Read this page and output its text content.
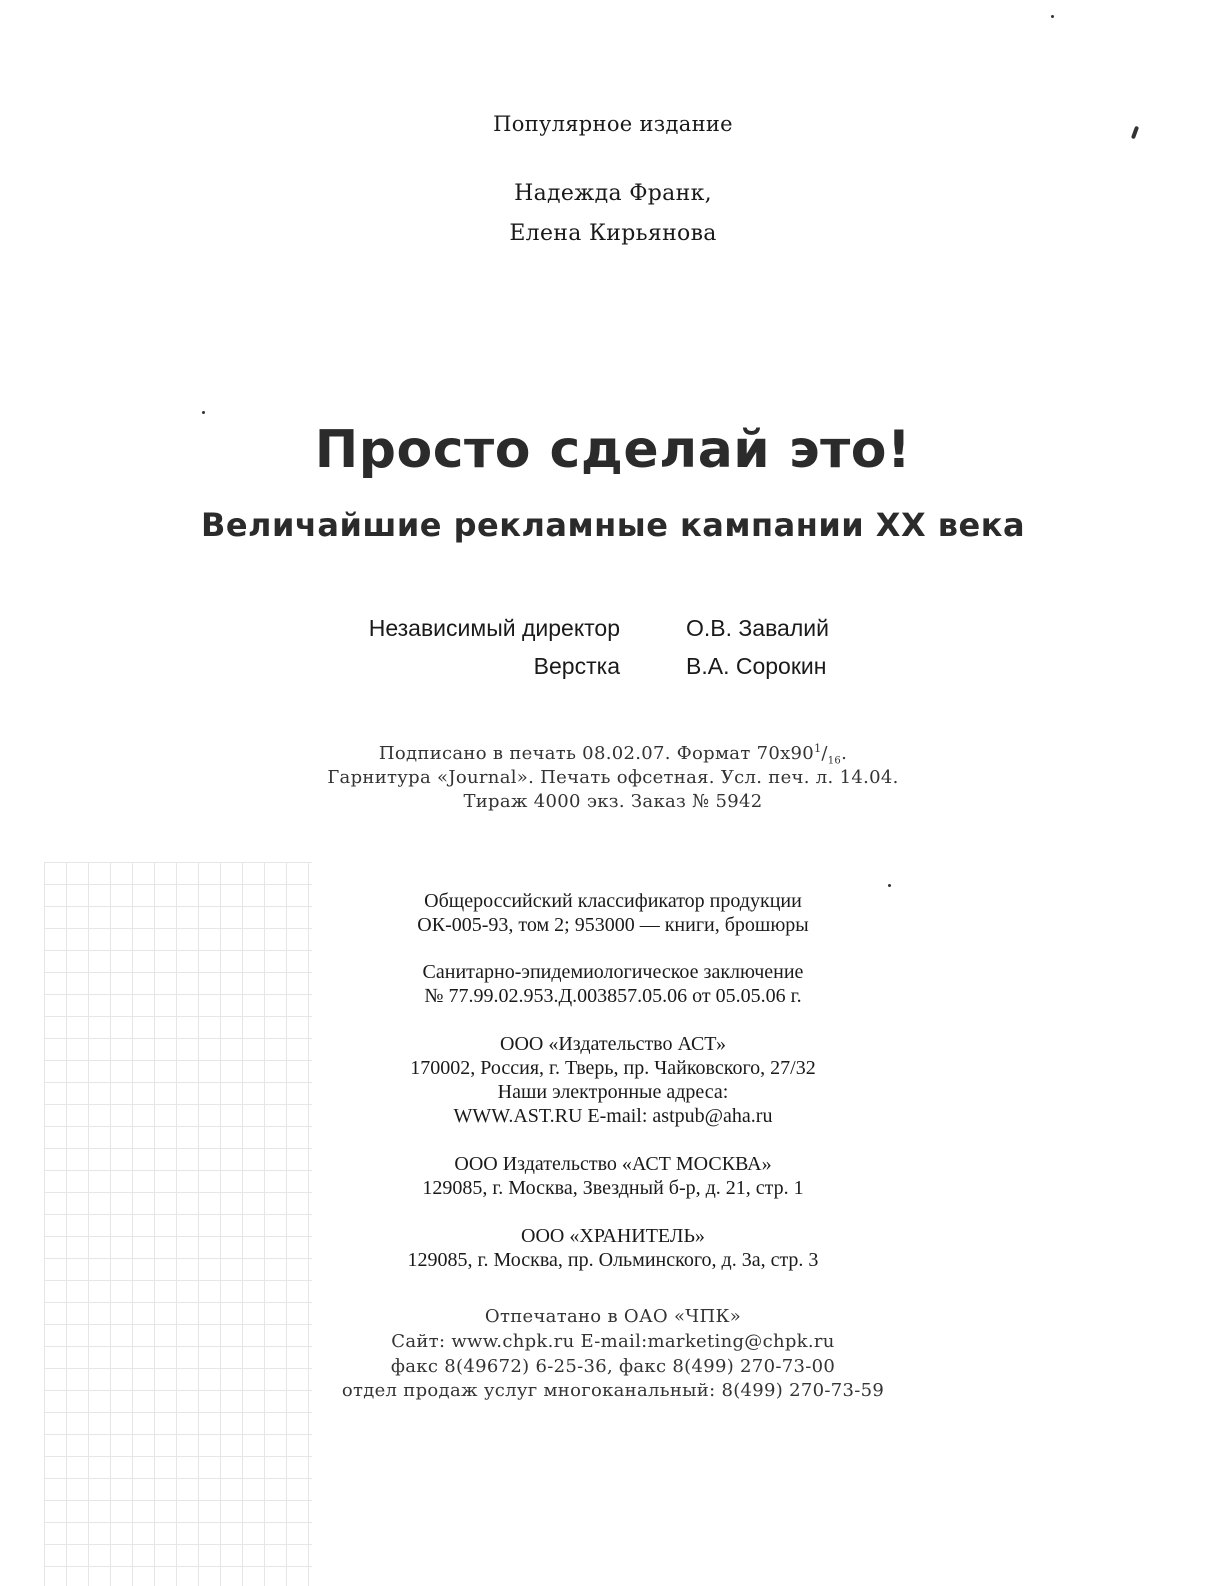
Популярное издание
Надежда Франк,
Елена Кирьянова
Просто сделай это!
Величайшие рекламные кампании XX века
Независимый директор	О.В. Завалий
Верстка	В.А. Сорокин
Подписано в печать 08.02.07. Формат $70x90^1/_{16}$.
Гарнитура «Journal». Печать офсетная. Усл. печ. л. 14.04.
Тираж 4000 экз. Заказ № 5942
Общероссийский классификатор продукции
ОК-005-93, том 2; 953000 — книги, брошюры
Санитарно-эпидемиологическое заключение
№ 77.99.02.953.Д.003857.05.06 от 05.05.06 г.
ООО «Издательство АСТ»
170002, Россия, г. Тверь, пр. Чайковского, 27/32
Наши электронные адреса:
WWW.AST.RU E-mail: astpub@aha.ru
ООО Издательство «АСТ МОСКВА»
129085, г. Москва, Звездный б-р, д. 21, стр. 1
ООО «ХРАНИТЕЛЬ»
129085, г. Москва, пр. Ольминского, д. 3а, стр. 3
Отпечатано в ОАО «ЧПК»
Сайт: www.chpk.ru E-mail:marketing@chpk.ru
факс 8(49672) 6-25-36, факс 8(499) 270-73-00
отдел продаж услуг многоканальный: 8(499) 270-73-59
